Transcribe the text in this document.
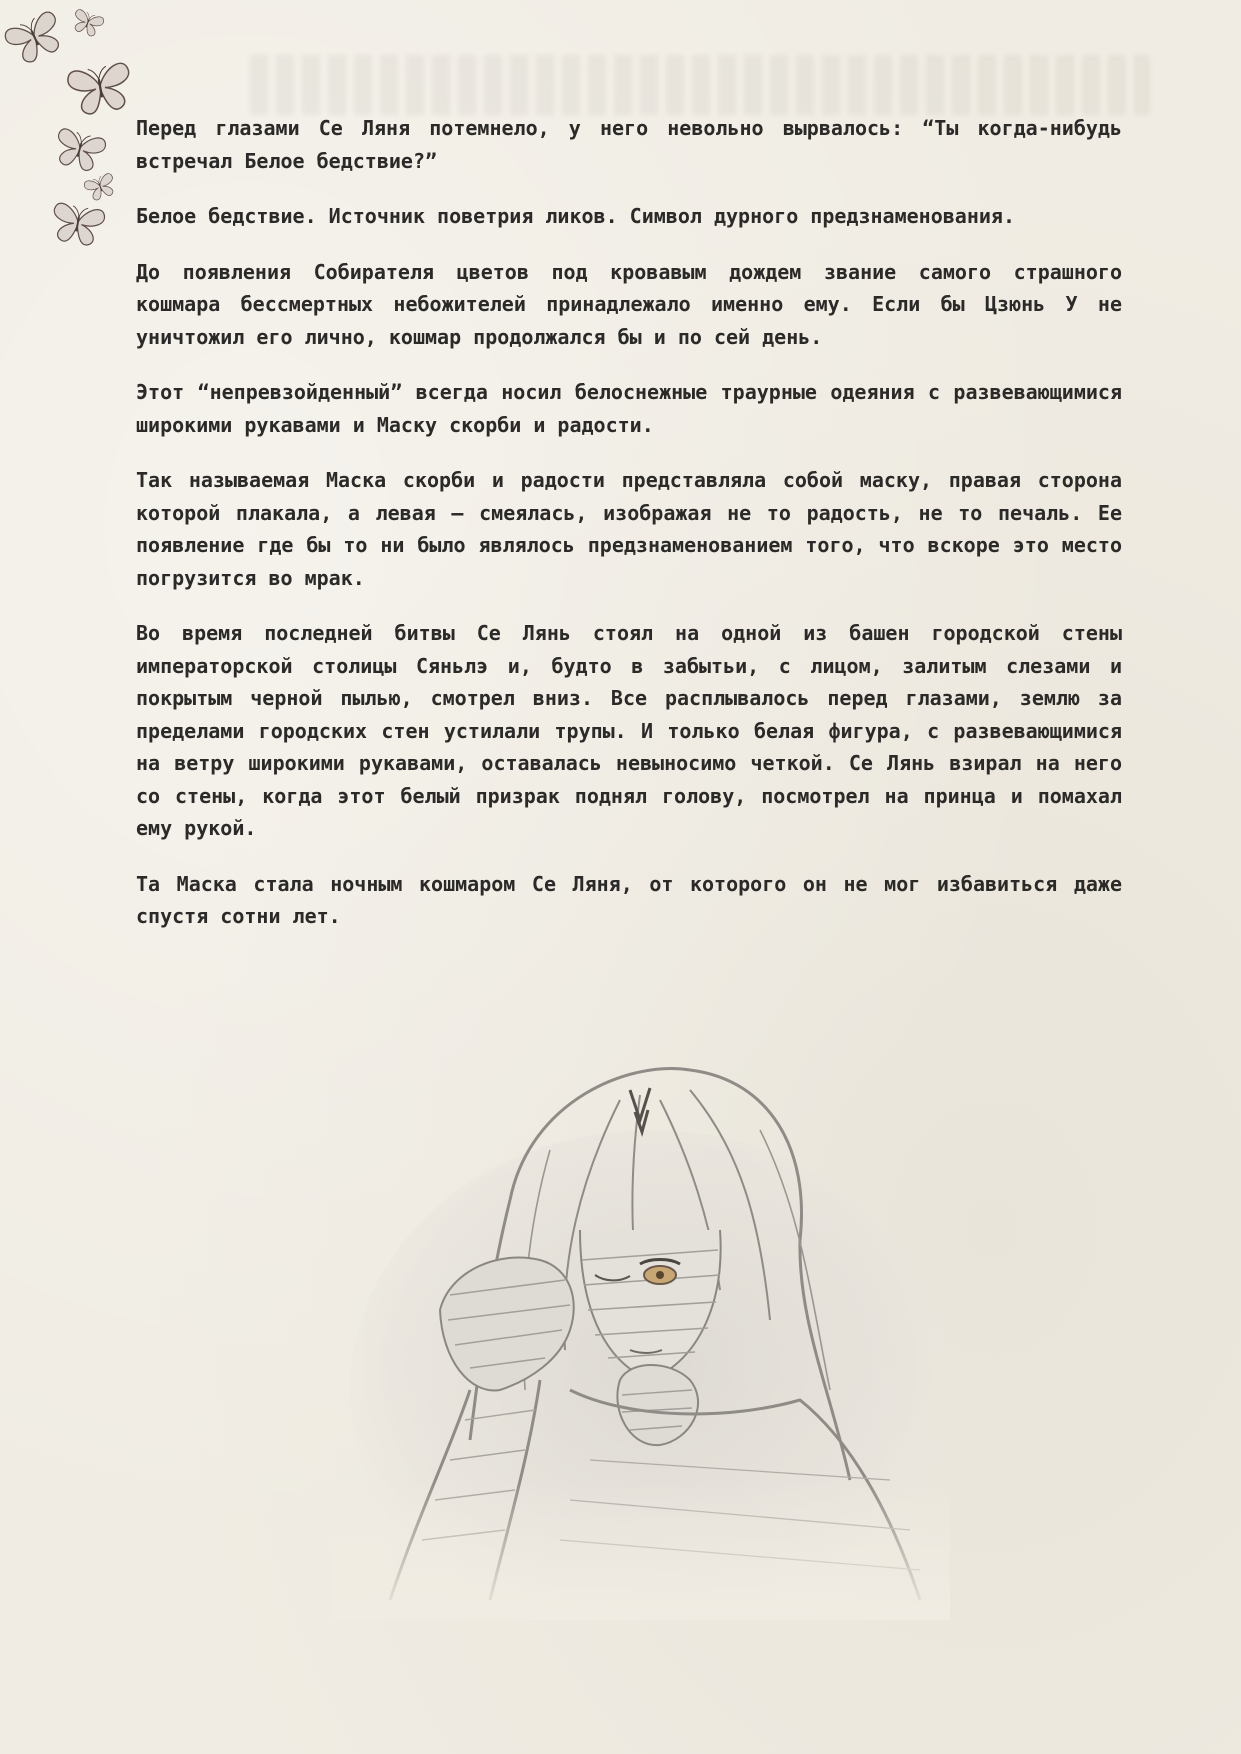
Перед глазами Се Ляня потемнело, у него невольно вырвалось: “Ты когда-нибудь встречал Белое бедствие?”

Белое бедствие. Источник поветрия ликов. Символ дурного предзнаменования.

До появления Собирателя цветов под кровавым дождем звание самого страшного кошмара бессмертных небожителей принадлежало именно ему. Если бы Цзюнь У не уничтожил его лично, кошмар продолжался бы и по сей день.

Этот “непревзойденный” всегда носил белоснежные траурные одеяния с развевающимися широкими рукавами и Маску скорби и радости.

Так называемая Маска скорби и радости представляла собой маску, правая сторона которой плакала, а левая — смеялась, изображая не то радость, не то печаль. Ее появление где бы то ни было являлось предзнаменованием того, что вскоре это место погрузится во мрак.

Во время последней битвы Се Лянь стоял на одной из башен городской стены императорской столицы Сяньлэ и, будто в забытьи, с лицом, залитым слезами и покрытым черной пылью, смотрел вниз. Все расплывалось перед глазами, землю за пределами городских стен устилали трупы. И только белая фигура, с развевающимися на ветру широкими рукавами, оставалась невыносимо четкой. Се Лянь взирал на него со стены, когда этот белый призрак поднял голову, посмотрел на принца и помахал ему рукой.

Та Маска стала ночным кошмаром Се Ляня, от которого он не мог избавиться даже спустя сотни лет.
